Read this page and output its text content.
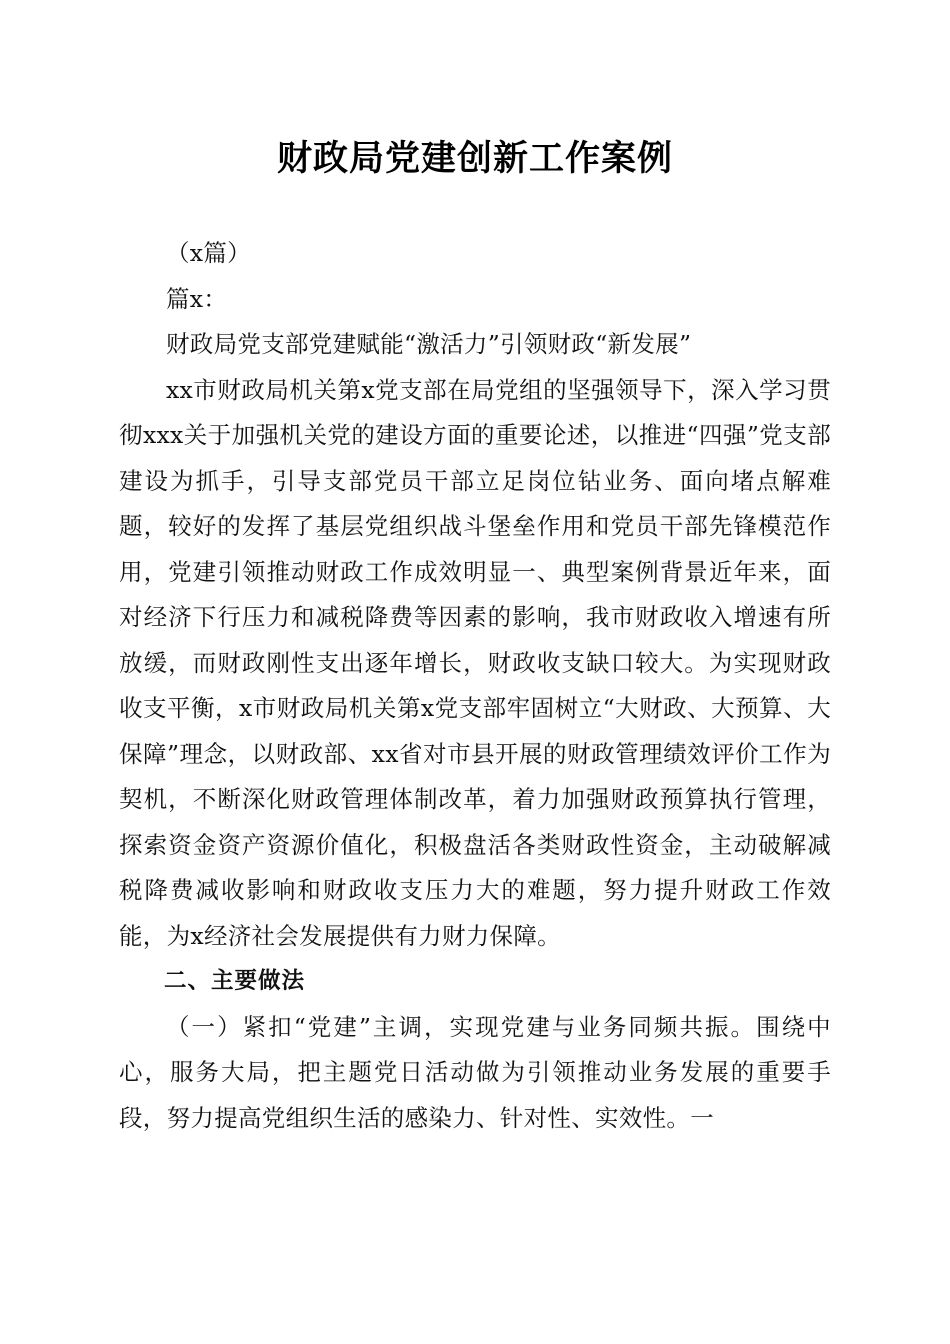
财政局党建创新工作案例

（x篇）

篇x：

财政局党支部党建赋能“激活力”引领财政“新发展”

xx市财政局机关第x党支部在局党组的坚强领导下，深入学习贯彻xxx关于加强机关党的建设方面的重要论述，以推进“四强”党支部建设为抓手，引导支部党员干部立足岗位钻业务、面向堵点解难题，较好的发挥了基层党组织战斗堡垒作用和党员干部先锋模范作用，党建引领推动财政工作成效明显一、典型案例背景近年来，面对经济下行压力和减税降费等因素的影响，我市财政收入增速有所放缓，而财政刚性支出逐年增长，财政收支缺口较大。为实现财政收支平衡，x市财政局机关第x党支部牢固树立“大财政、大预算、大保障”理念，以财政部、xx省对市县开展的财政管理绩效评价工作为契机，不断深化财政管理体制改革，着力加强财政预算执行管理，探索资金资产资源价值化，积极盘活各类财政性资金，主动破解减税降费减收影响和财政收支压力大的难题，努力提升财政工作效能，为x经济社会发展提供有力财力保障。

二、主要做法

（一）紧扣“党建”主调，实现党建与业务同频共振。围绕中心，服务大局，把主题党日活动做为引领推动业务发展的重要手段，努力提高党组织生活的感染力、针对性、实效性。一
